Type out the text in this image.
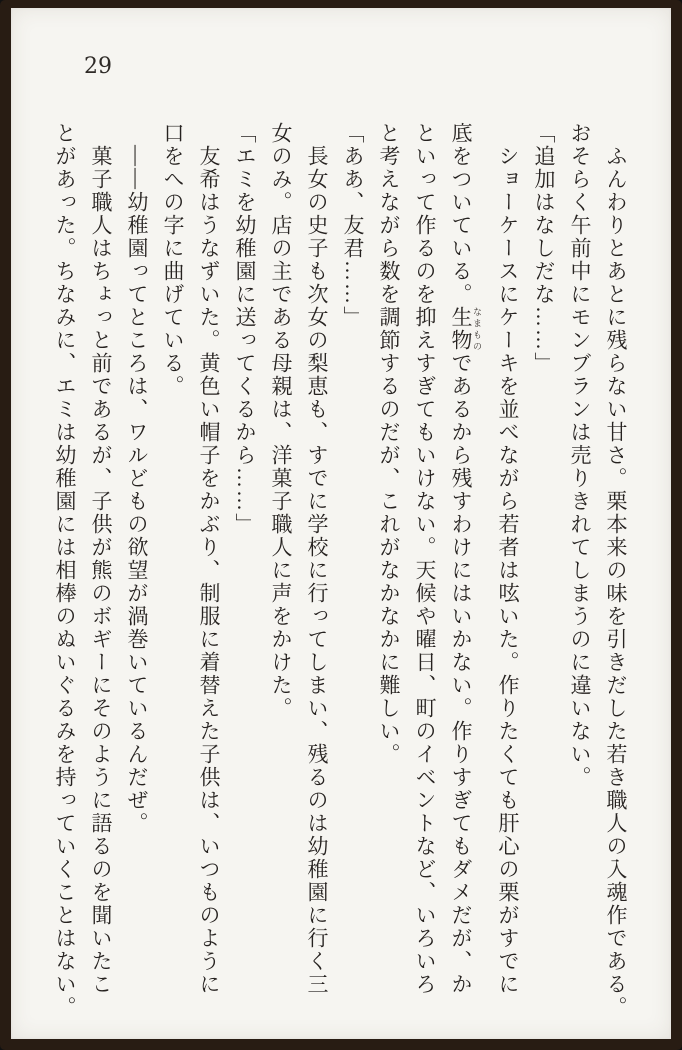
29
ふんわりとあとに残らない甘さ。栗本来の味を引きだした若き職人の入魂作である。
おそらく午前中にモンブランは売りきれてしまうのに違いない。
「追加はなしだな……」
ショーケースにケーキを並べながら若者は呟いた。作りたくても肝心の栗がすでに
底をついている。生物 なまものであるから残すわけにはいかない。作りすぎてもダメだが、か
といって作るのを抑えすぎてもいけない。天候や曜日、町のイベントなど、いろいろ
と考えながら数を調節するのだが、これがなかなかに難しい。
「ああ、友君……」
長女の史子も次女の梨恵も、すでに学校に行ってしまい、残るのは幼稚園に行く三
女のみ。店の主である母親は、洋菓子職人に声をかけた。
「エミを幼稚園に送ってくるから……」
友希はうなずいた。黄色い帽子をかぶり、制服に着替えた子供は、いつものように
口をへの字に曲げている。
――幼稚園ってところは、ワルどもの欲望が渦巻いているんだぜ。
菓子職人はちょっと前であるが、子供が熊のボギーにそのように語るのを聞いたこ
とがあった。ちなみに、エミは幼稚園には相棒のぬいぐるみを持っていくことはない。
